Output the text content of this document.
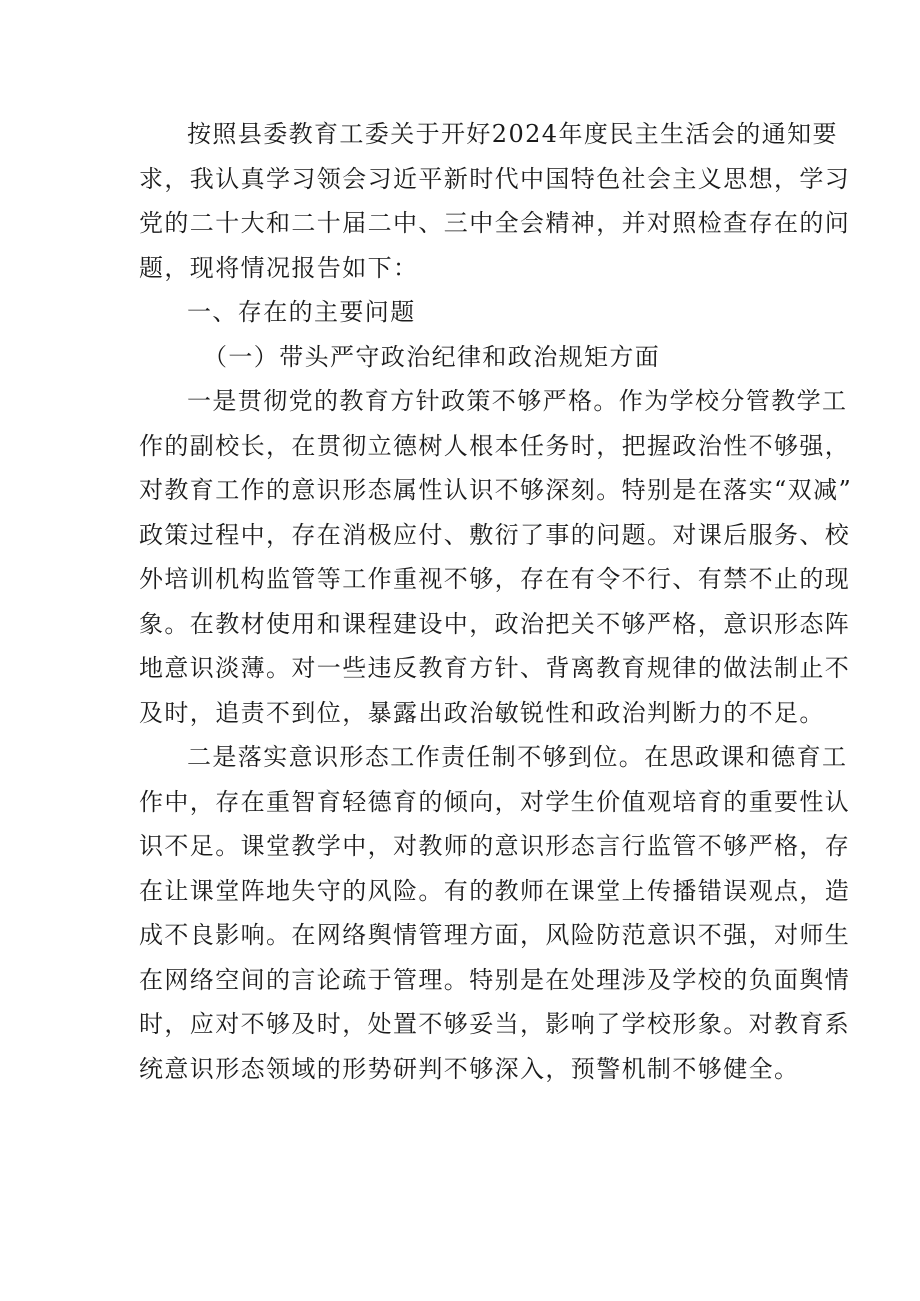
按照县委教育工委关于开好2024年度民主生活会的通知要
求，我认真学习领会习近平新时代中国特色社会主义思想，学习
党的二十大和二十届二中、三中全会精神，并对照检查存在的问
题，现将情况报告如下：
一、存在的主要问题
（一）带头严守政治纪律和政治规矩方面
一是贯彻党的教育方针政策不够严格。作为学校分管教学工
作的副校长，在贯彻立德树人根本任务时，把握政治性不够强，
对教育工作的意识形态属性认识不够深刻。特别是在落实“双减”
政策过程中，存在消极应付、敷衍了事的问题。对课后服务、校
外培训机构监管等工作重视不够，存在有令不行、有禁不止的现
象。在教材使用和课程建设中，政治把关不够严格，意识形态阵
地意识淡薄。对一些违反教育方针、背离教育规律的做法制止不
及时，追责不到位，暴露出政治敏锐性和政治判断力的不足。
二是落实意识形态工作责任制不够到位。在思政课和德育工
作中，存在重智育轻德育的倾向，对学生价值观培育的重要性认
识不足。课堂教学中，对教师的意识形态言行监管不够严格，存
在让课堂阵地失守的风险。有的教师在课堂上传播错误观点，造
成不良影响。在网络舆情管理方面，风险防范意识不强，对师生
在网络空间的言论疏于管理。特别是在处理涉及学校的负面舆情
时，应对不够及时，处置不够妥当，影响了学校形象。对教育系
统意识形态领域的形势研判不够深入，预警机制不够健全。
